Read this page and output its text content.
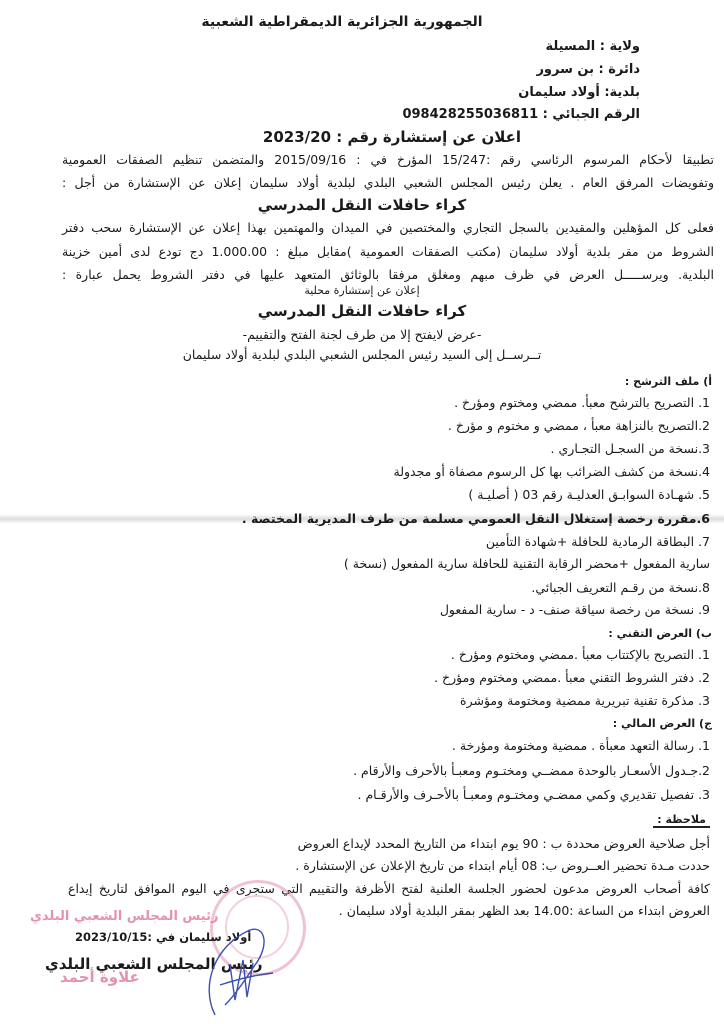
الجمهورية الجزائرية الديمقراطية الشعبية
ولاية : المسيلة
دائرة : بن سرور
بلدية: أولاد سليمان
الرقم الجبائي : 098428255036811
اعلان عن إستشارة رقم : 2023/20
تطبيقا لأحكام المرسوم الرئاسي رقم :15/247 المؤرخ في : 2015/09/16 والمتضمن تنظيم الصفقات العمومية
وتفويضات المرفق العام . يعلن رئيس المجلس الشعبي البلدي لبلدية أولاد سليمان إعلان عن الإستشارة من أجل :
كراء حافلات النقل المدرسي
فعلى كل المؤهلين والمقيدين بالسجل التجاري والمختصين في الميدان والمهتمين بهذا إعلان عن الإستشارة سحب دفتر
الشروط من مقر بلدية أولاد سليمان (مكتب الصفقات العمومية )مقابل مبلغ : 1.000.00 دج تودع لدى أمين خزينة
البلدية. ويرســـــل العرض في ظرف مبهم ومغلق مرفقا بالوثائق المتعهد عليها في دفتر الشروط يحمل عبارة :
إعلان عن إستشارة محلية
كراء حافلات النقل المدرسي
-عرض لايفتح إلا من طرف لجنة الفتح والتقييم-
تــرســل إلى السيد رئيس المجلس الشعبي البلدي لبلدية أولاد سليمان
أ) ملف الترشح :
1. التصريح بالترشح معبأ. ممضي ومختوم ومؤرخ .
2.التصريح بالنزاهة معبأ ، ممضي و مختوم و مؤرخ .
3.نسخة من السجـل التجـاري .
4.نسخة من كشف الضرائب بها كل الرسوم مصفاة أو مجدولة
5. شهـادة السوابـق العدليـة رقم 03 ( أصليـة )
6.مقررة رخصة إستغلال النقل العمومي مسلمة من طرف المديرية المختصة .
7. البطاقة الرمادية للحافلة +شهادة التأمين
سارية المفعول +محضر الرقابة التقنية للحافلة سارية المفعول (نسخة )
8.نسخة من رقـم التعريف الجبائي.
9. نسخة من رخصة سياقة صنف- د - سارية المفعول
ب) العرض التقني :
1. التصريح بالإكتتاب معبأ .ممضي ومختوم ومؤرخ .
2. دفتر الشروط التقني معبأ .ممضي ومختوم ومؤرخ .
3. مذكرة تقنية تبريرية ممضية ومختومة ومؤشرة
ج) العرض المالي :
1. رسالة التعهد معبأة . ممضية ومختومة ومؤرخة .
2.جـدول الأسعـار بالوحدة ممضــي ومختـوم ومعبـأ بالأحرف والأرقام .
3. تفصيل تقديري وكمي ممضـي ومختـوم ومعبـأ بالأحـرف والأرقـام .
ملاحظة :
أجل صلاحية العروض محددة ب : 90 يوم ابتداء من التاريخ المحدد لإيداع العروض
حددت مـدة تحضير العــروض ب: 08 أيام ابتداء من تاريخ الإعلان عن الإستشارة .
كافة أصحاب العروض مدعون لحضور الجلسة العلنية لفتح الأظرفة والتقييم التي ستجرى في اليوم الموافق لتاريخ إيداع
العروض ابتداء من الساعة :14.00 بعد الظهر بمقر البلدية أولاد سليمان .
رئيس المجلس الشعبي البلدي
علاوة أحمد
أولاد سليمان في :2023/10/15
رئيس المجلس الشعبي البلدي
